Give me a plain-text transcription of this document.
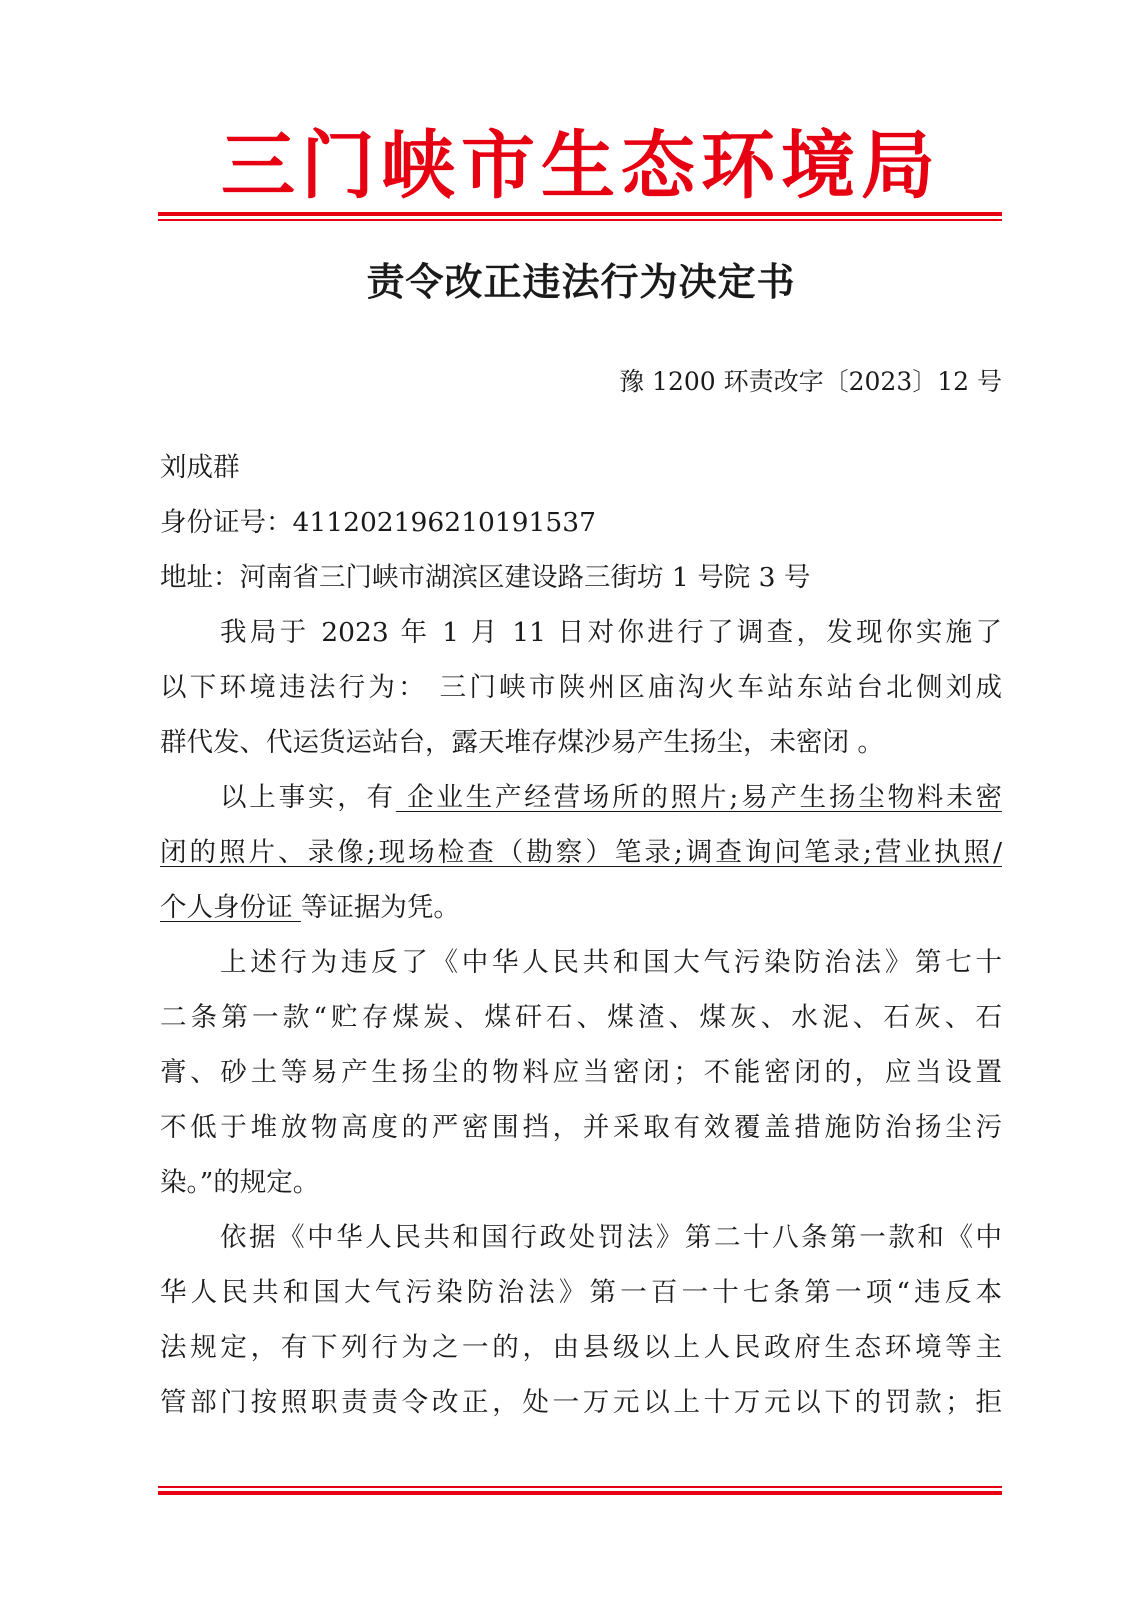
三门峡市生态环境局
责令改正违法行为决定书
豫 1200 环责改字〔2023〕12 号
刘成群
身份证号：411202196210191537
地址：河南省三门峡市湖滨区建设路三街坊 1 号院 3 号
我局于 2023 年 1 月 11 日对你进行了调查，发现你实施了
以下环境违法行为： 三门峡市陕州区庙沟火车站东站台北侧刘成
群代发、代运货运站台，露天堆存煤沙易产生扬尘，未密闭 。
以上事实，有 企业生产经营场所的照片;易产生扬尘物料未密
闭的照片、录像;现场检查（勘察）笔录;调查询问笔录;营业执照/
个人身份证 等证据为凭。
上述行为违反了《中华人民共和国大气污染防治法》第七十
二条第一款“贮存煤炭、煤矸石、煤渣、煤灰、水泥、石灰、石
膏、砂土等易产生扬尘的物料应当密闭；不能密闭的，应当设置
不低于堆放物高度的严密围挡，并采取有效覆盖措施防治扬尘污
染。”的规定。
依据《中华人民共和国行政处罚法》第二十八条第一款和《中
华人民共和国大气污染防治法》第一百一十七条第一项“违反本
法规定，有下列行为之一的，由县级以上人民政府生态环境等主
管部门按照职责责令改正，处一万元以上十万元以下的罚款；拒
